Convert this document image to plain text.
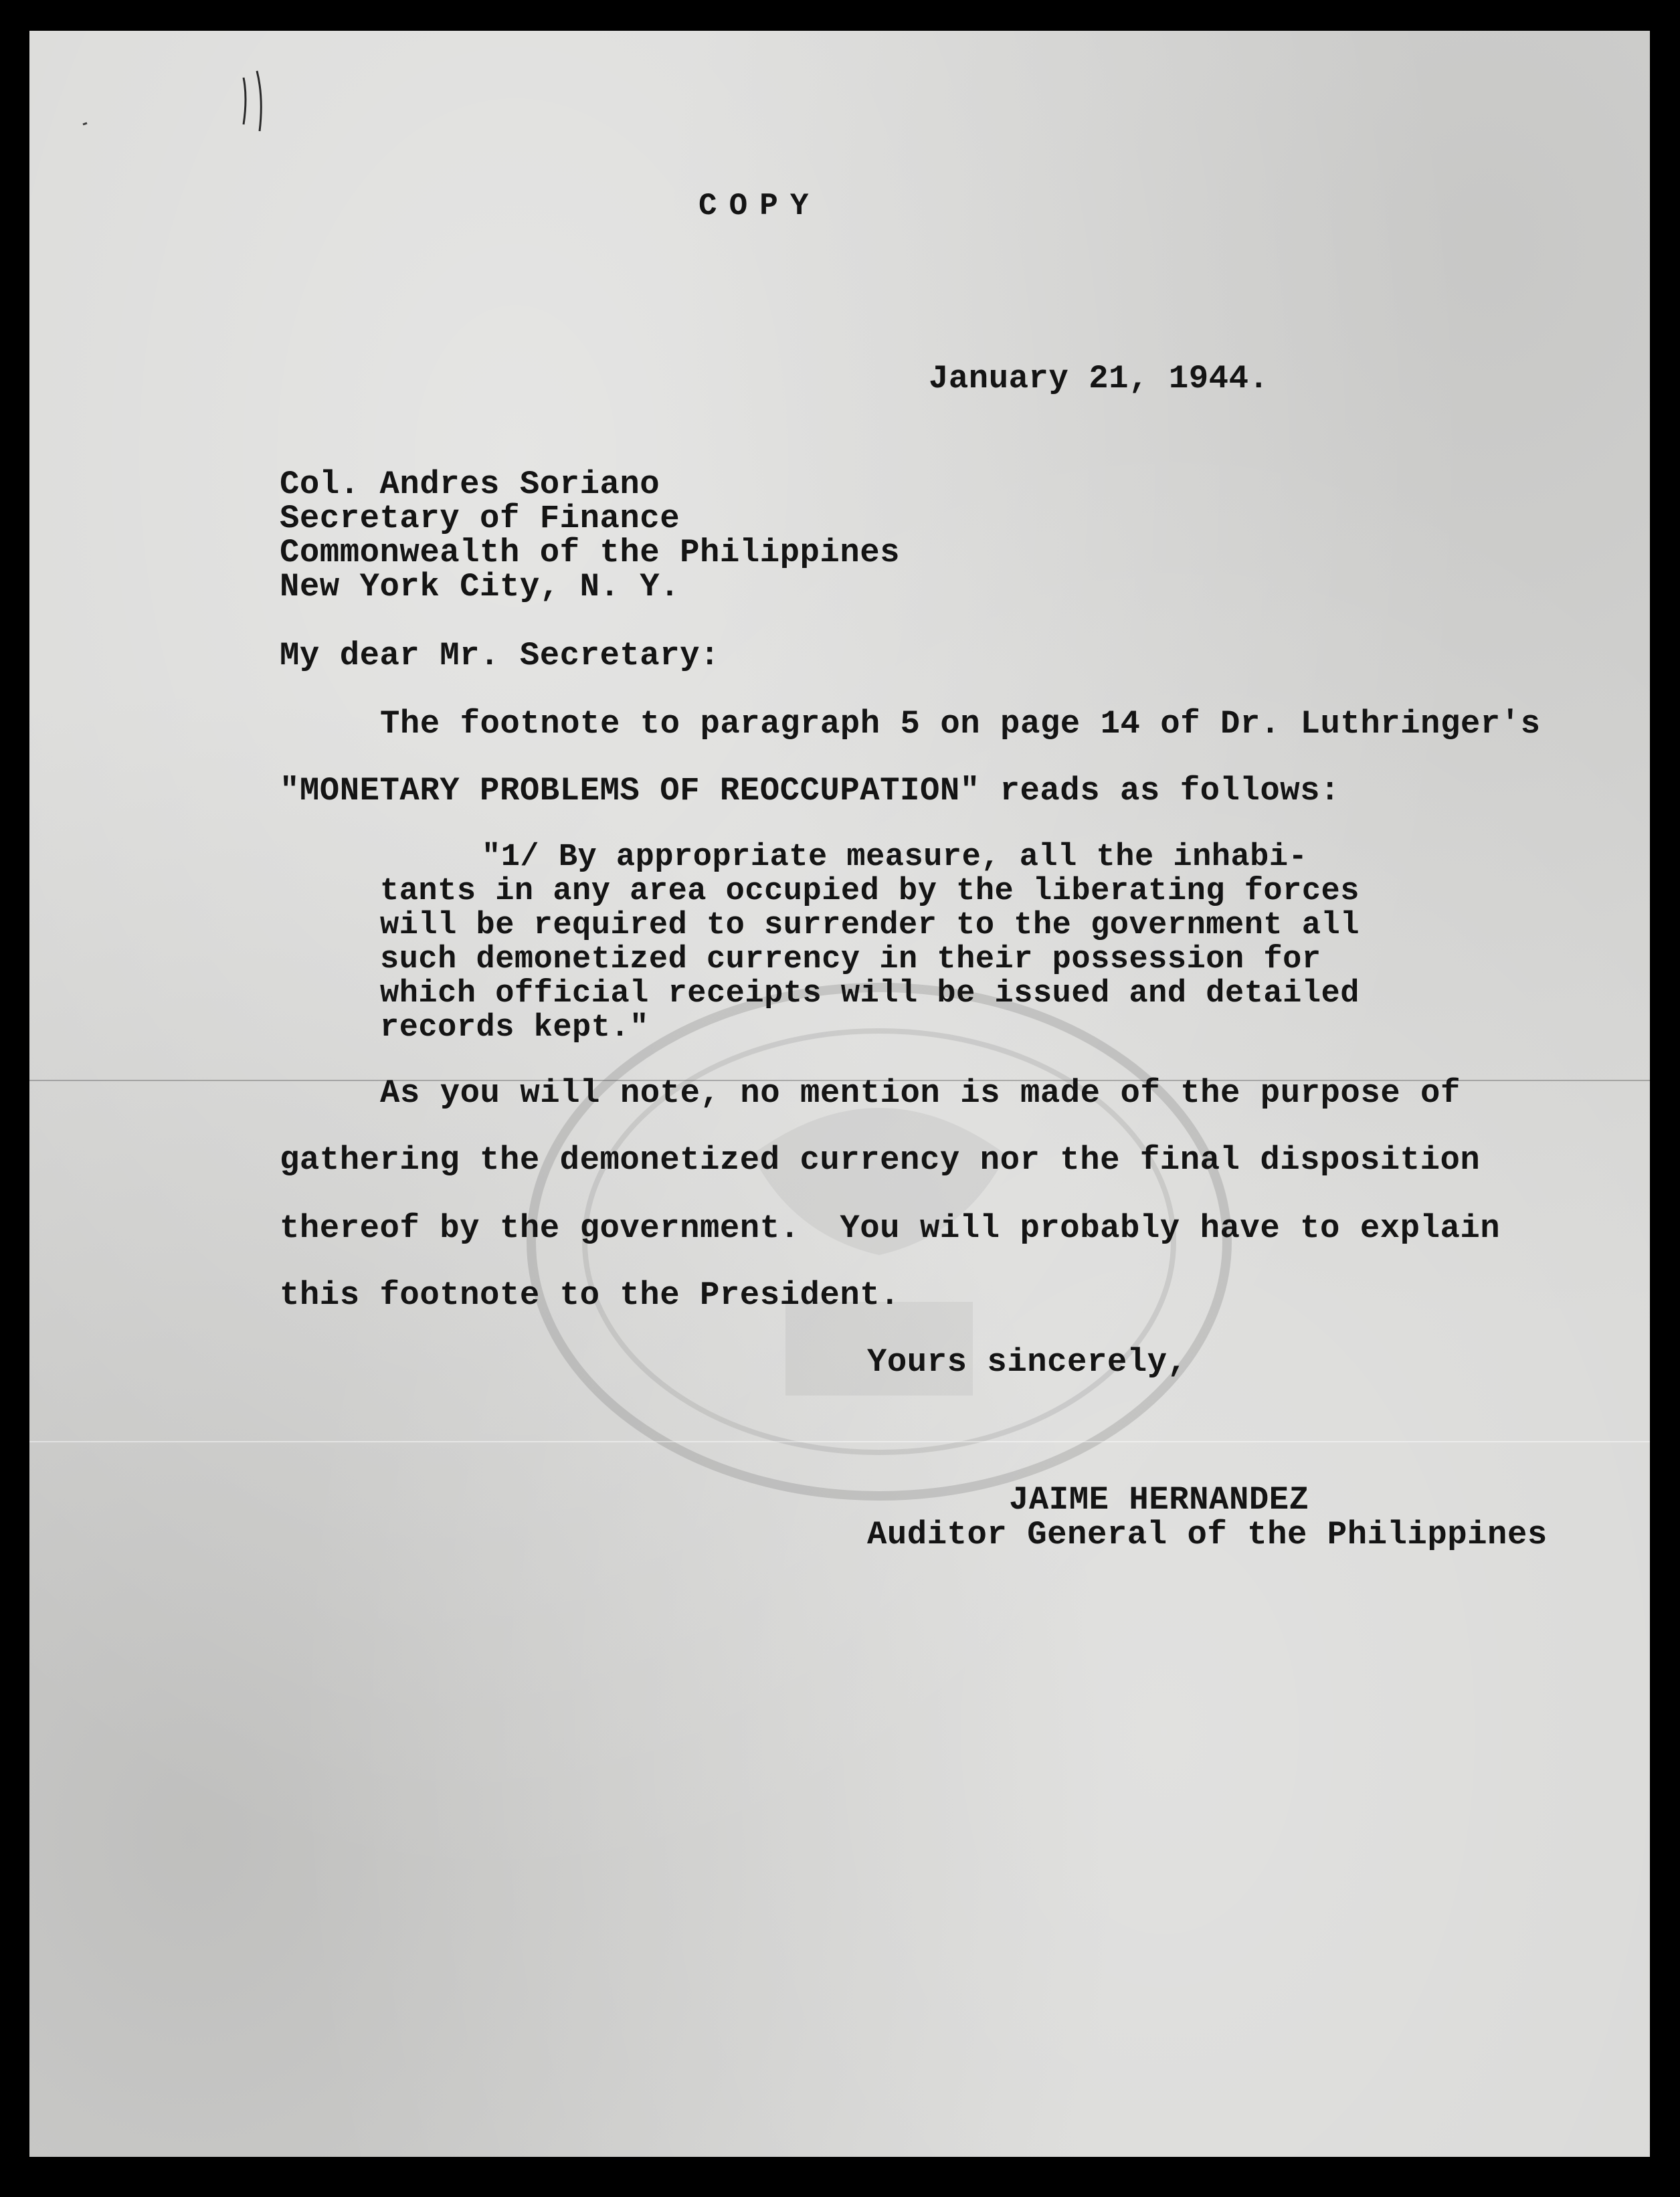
COPY

January 21, 1944.

Col. Andres Soriano

Secretary of Finance

Commonwealth of the Philippines

New York City, N. Y.

My dear Mr. Secretary:

The footnote to paragraph 5 on page 14 of Dr. Luthringer's

"MONETARY PROBLEMS OF REOCCUPATION" reads as follows:

"1/ By appropriate measure, all the inhabi-

tants in any area occupied by the liberating forces

will be required to surrender to the government all

such demonetized currency in their possession for

which official receipts will be issued and detailed

records kept."

As you will note, no mention is made of the purpose of

gathering the demonetized currency nor the final disposition

thereof by the government.  You will probably have to explain

this footnote to the President.

Yours sincerely,

JAIME HERNANDEZ

Auditor General of the Philippines
